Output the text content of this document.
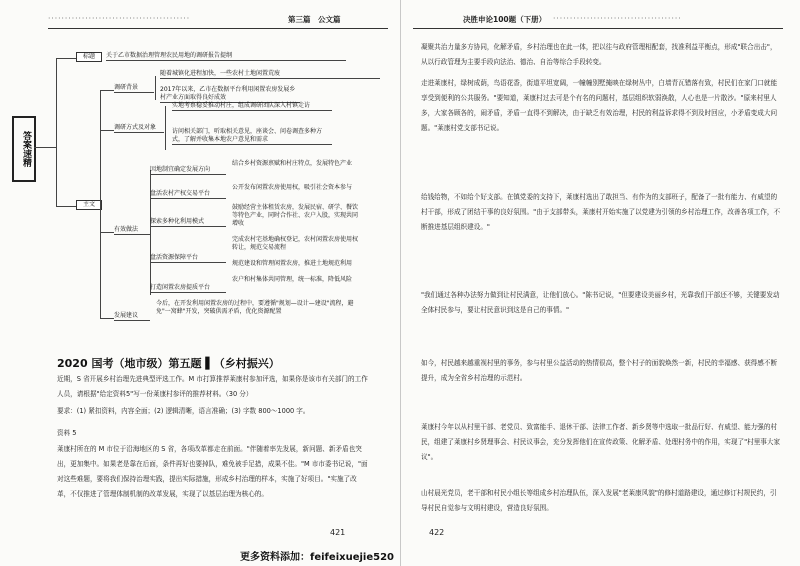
··········································	第三篇　公文篇
答案速精
标题	关于乙市数据治理管理农民用地的调研报告提纲
主文
调研背景
随着城镇化进程加快，一些农村土地闲置荒废
2017年以来，乙市在数据平台利用闲置农房发展乡村产业方面取得良好成效
调研方式及对象
实地考察稳妥推动村庄，组成调研团队深入村镇走访
访问相关部门，听取相关意见，座谈会、问卷调查多种方式，了解并收集本地农户意见和需求
有效做法
因地制宜确定发展方向
盘活农村产权交易平台
探索多种化利用模式
盘活资源保障平台
打造闲置农房提质平台
结合乡村资源禀赋和村庄特点，发展特色产业
公开发布闲置农房使用权，吸引社会资本参与
鼓励经营主体租赁农房，发展民宿、研学、餐饮等特色产业，同时合作社、农户入股，实现共同增收
完成农村宅基地确权登记，农村闲置农房使用权转让，规范交易流程
规范建设和管理闲置农房，推进土地规范利用
农户和村集体共同管理，统一标准，降低风险
发展建议
今后，在开发利用闲置农房的过程中，要遵循"规划—设计—建设"流程，避免"一窝蜂"开发，突破供需矛盾，优化资源配置
2020 国考（地市级）第五题 ▌（乡村振兴）
近期，S 省开展乡村治理先进典型评选工作。M 市打算推荐莱康村参加评选，如果你是该市有关部门的工作人员，请根据"给定资料5"写一份莱康村参评的推荐材料。（30 分）
要求：(1) 紧扣资料，内容全面；(2) 逻辑清晰，语言准确；(3) 字数 800～1000 字。
资料 5
莱康村所在的 M 市位于沿海地区的 S 省，各项改革都走在前面。"伴随着率先发展，新问题、新矛盾也突出，更加集中。如果老是靠在后面，条件再好也要掉队，难免被手足措，成果不佳。"M 市市委书记说，"面对这些难题，要将我们保持治理实践，提出实际措施，形成乡村治理的样本，实施了好项目。"实施了改革，不仅推进了管理体制机制的改革发展，实现了以基层治理为核心的。
421
决胜申论100题（下册） ······································
凝聚共治力量多方协同，化解矛盾，乡村治理也在此一体，把以往与政府管理相配套，找准利益平衡点，形成"联合出击"，从以行政管理为主要手段向法治、德治、自治等综合手段转变。
走进莱康村，绿树成荫，鸟语花香，街道平坦宽阔，一幢幢别墅掩映在绿树丛中，白墙青瓦错落有致，村民们在家门口就能享受到便利的公共服务。"要知道，莱康村过去可是个有名的问题村，基层组织软弱涣散，人心也是一片散沙。"原来村里人多，大家各顾各的，闹矛盾，矛盾一直得不到解决，由于缺乏有效治理，村民的利益诉求得不到及时回应，小矛盾变成大问题。"莱康村党支部书记说。
给钱给物，不如给个好支部。在镇党委的支持下，莱康村选出了敢担当、有作为的支部班子，配备了一批有能力、有威望的村干部，形成了团结干事的良好氛围。"由于支部带头，莱康村开始实施了以党建为引领的乡村治理工作，改善各项工作，不断推进基层组织建设。"
"我们通过各种办法努力做到让村民满意，让他们放心。"陈书记说，"但要建设美丽乡村，光靠我们干部还不够，关键要发动全体村民参与，要让村民意识到这是自己的事情。"
如今，村民越来越重视村里的事务，参与村里公益活动的热情很高，整个村子的面貌焕然一新，村民的幸福感、获得感不断提升，成为全省乡村治理的示范村。
莱康村今年以从村里干部、老党员、致富能手、退休干部、法律工作者、新乡贤等中选取一批品行好、有威望、能力强的村民，组建了莱康村乡贤理事会、村民议事会，充分发挥他们在宣传政策、化解矛盾、处理村务中的作用，实现了"村里事大家议"。
山村晨光党员，老干部和村民小组长等组成乡村治理队伍，深入发展"老莱康风貌"的修村道路建设，通过修订村规民约，引导村民自觉参与文明村建设，营造良好氛围。
422
更多资料添加：feifeixuejie520
